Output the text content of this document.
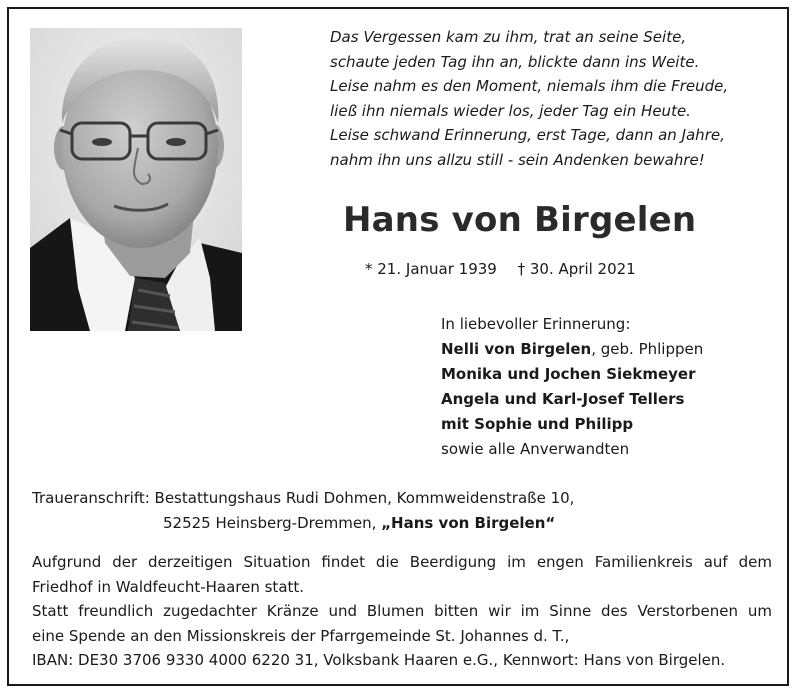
Das Vergessen kam zu ihm, trat an seine Seite,
schaute jeden Tag ihn an, blickte dann ins Weite.
Leise nahm es den Moment, niemals ihm die Freude,
ließ ihn niemals wieder los, jeder Tag ein Heute.
Leise schwand Erinnerung, erst Tage, dann an Jahre,
nahm ihn uns allzu still - sein Andenken bewahre!
Hans von Birgelen
* 21. Januar 1939 † 30. April 2021
In liebevoller Erinnerung:
Nelli von Birgelen, geb. Phlippen
Monika und Jochen Siekmeyer
Angela und Karl-Josef Tellers
mit Sophie und Philipp
sowie alle Anverwandten
Traueranschrift: Bestattungshaus Rudi Dohmen, Kommweidenstraße 10,
52525 Heinsberg-Dremmen, „Hans von Birgelen“
Aufgrund der derzeitigen Situation findet die Beerdigung im engen Familienkreis auf dem
Friedhof in Waldfeucht-Haaren statt.
Statt freundlich zugedachter Kränze und Blumen bitten wir im Sinne des Verstorbenen um
eine Spende an den Missionskreis der Pfarrgemeinde St. Johannes d. T.,
IBAN: DE30 3706 9330 4000 6220 31, Volksbank Haaren e.G., Kennwort: Hans von Birgelen.
